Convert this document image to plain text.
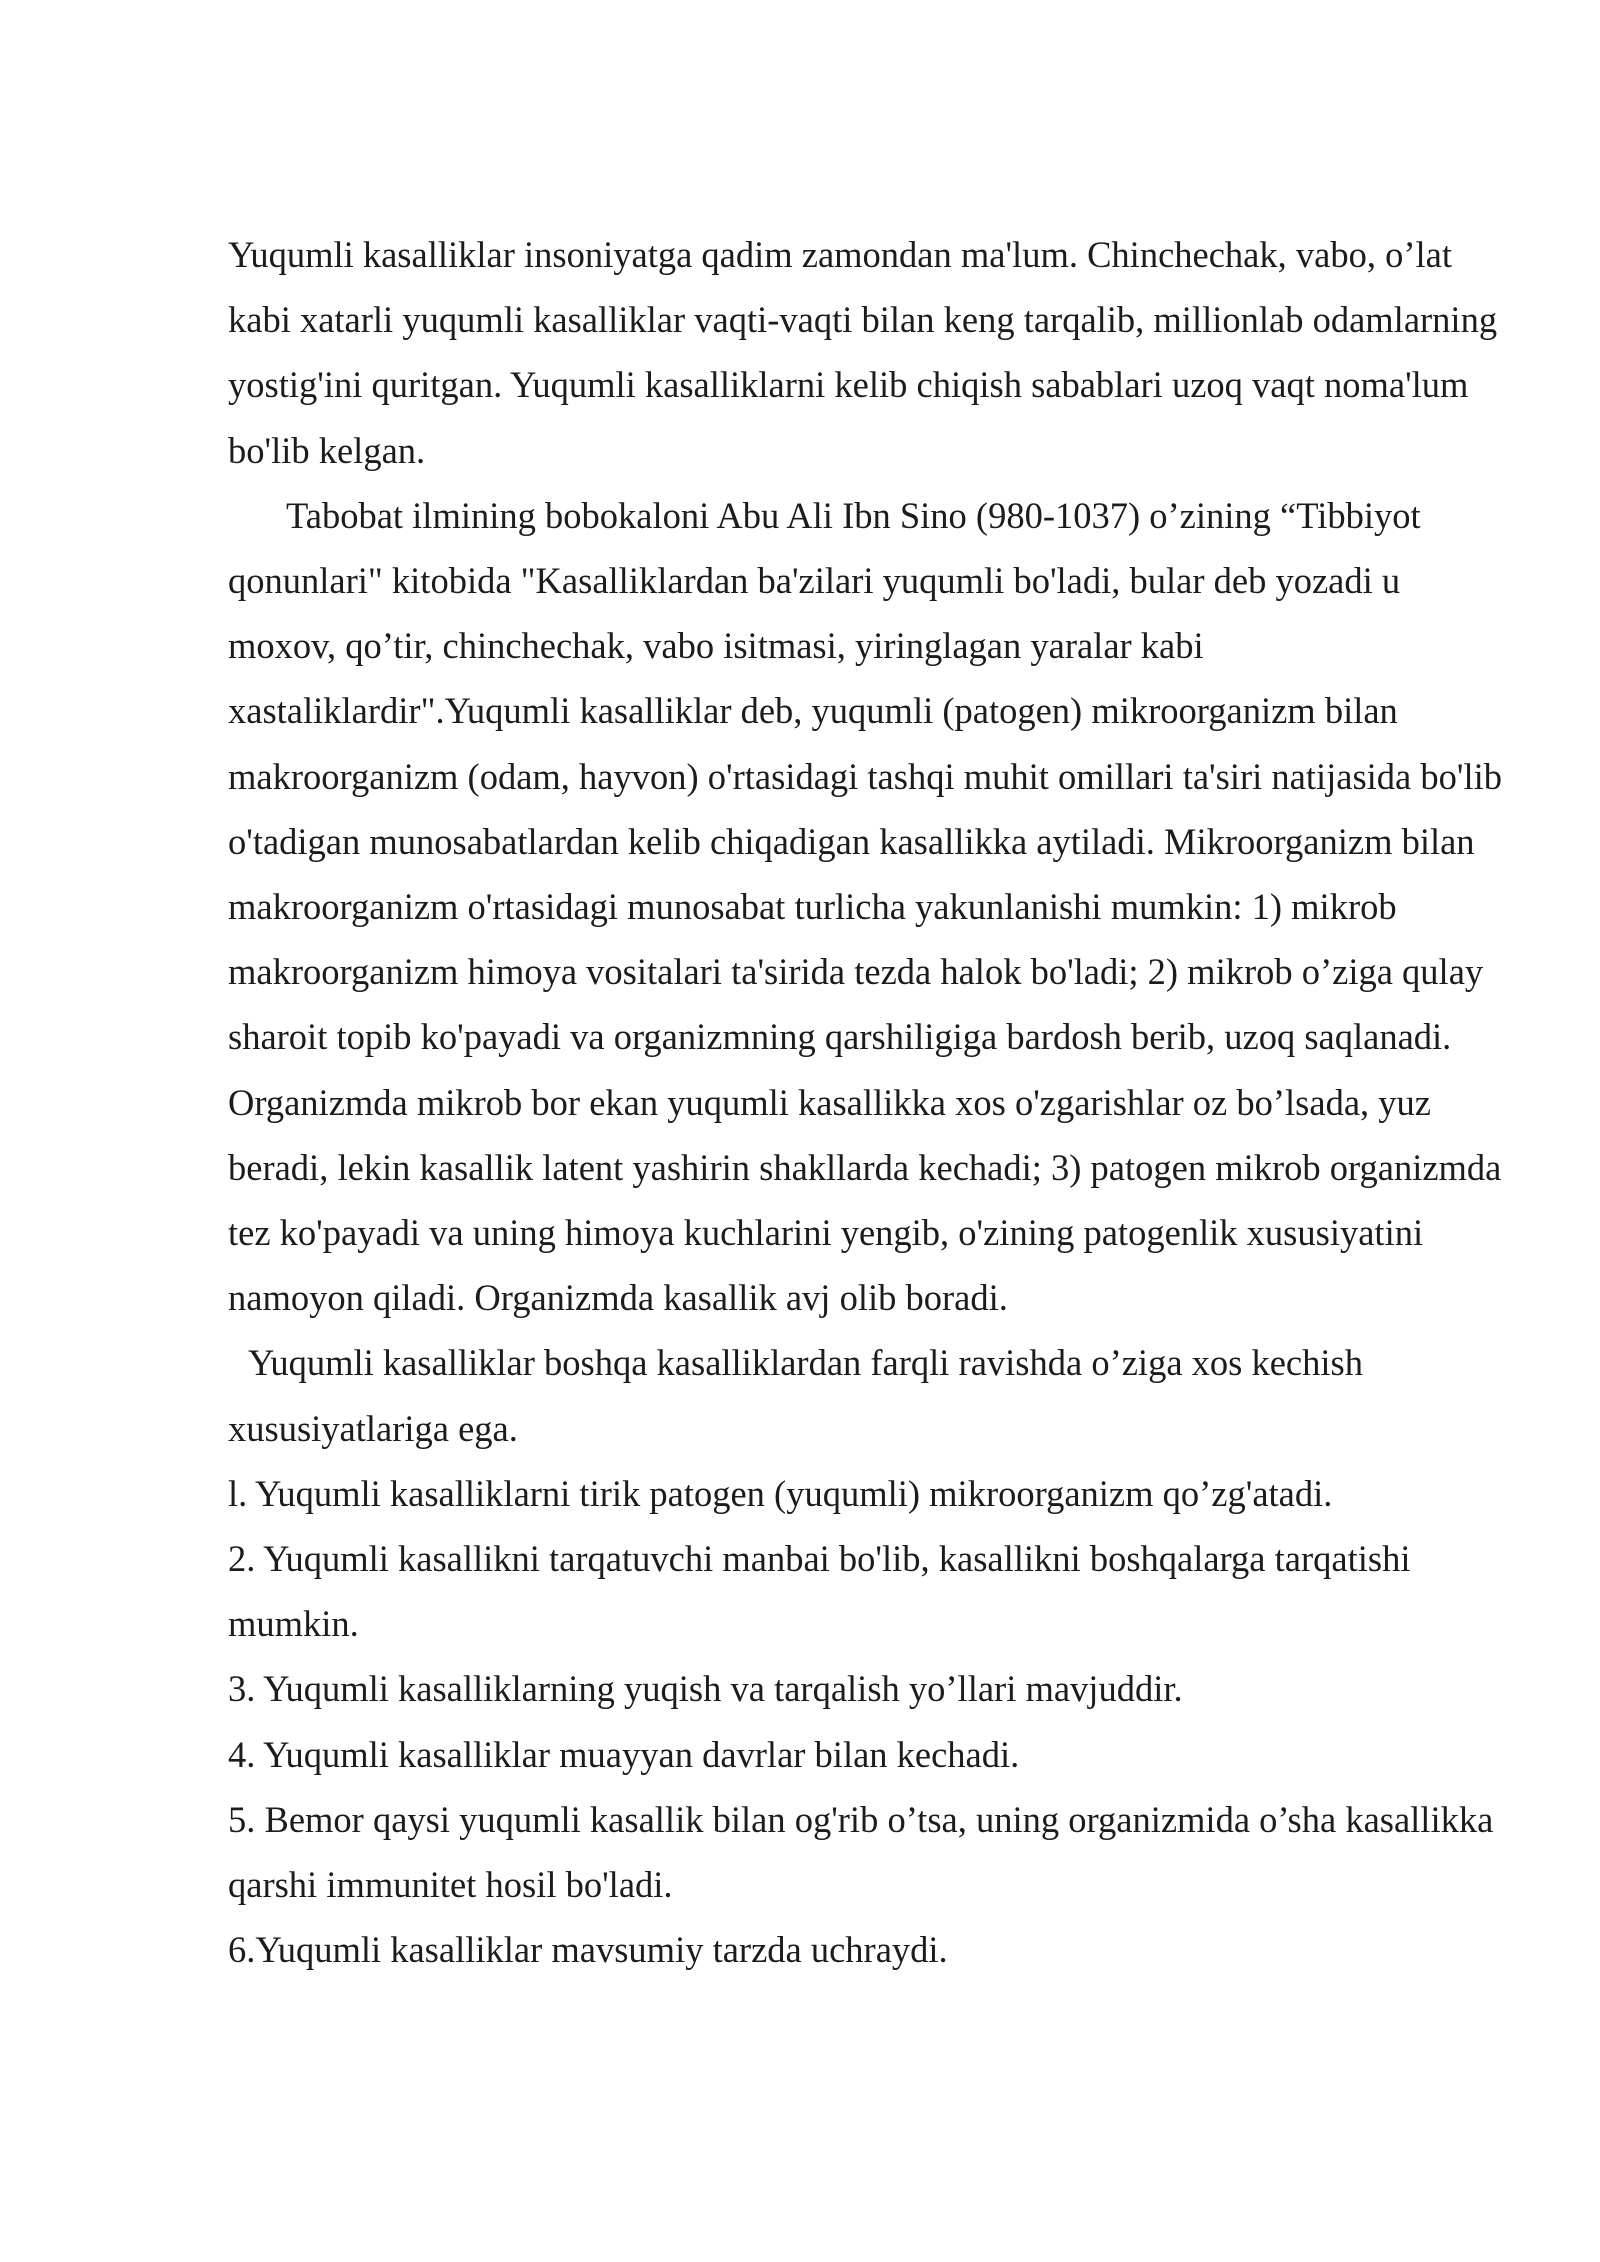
Yuqumli kasalliklar insoniyatga qadim zamondan ma'lum. Chinchechak, vabo, o’lat kabi xatarli yuqumli kasalliklar vaqti-vaqti bilan keng tarqalib, millionlab odamlarning yostig'ini quritgan. Yuqumli kasalliklarni kelib chiqish sabablari uzoq vaqt noma'lum bo'lib kelgan.

Tabobat ilmining bobokaloni Abu Ali Ibn Sino (980-1037) o’zining “Tibbiyot qonunlari" kitobida "Kasalliklardan ba'zilari yuqumli bo'ladi, bular deb yozadi u moxov, qo’tir, chinchechak, vabo isitmasi, yiringlagan yaralar kabi xastaliklardir".Yuqumli kasalliklar deb, yuqumli (patogen) mikroorganizm bilan makroorganizm (odam, hayvon) o'rtasidagi tashqi muhit omillari ta'siri natijasida bo'lib o'tadigan munosabatlardan kelib chiqadigan kasallikka aytiladi. Mikroorganizm bilan makroorganizm o'rtasidagi munosabat turlicha yakunlanishi mumkin: 1) mikrob makroorganizm himoya vositalari ta'sirida tezda halok bo'ladi; 2) mikrob o’ziga qulay sharoit topib ko'payadi va organizmning qarshiligiga bardosh berib, uzoq saqlanadi. Organizmda mikrob bor ekan yuqumli kasallikka xos o'zgarishlar oz bo’lsada, yuz beradi, lekin kasallik latent yashirin shakllarda kechadi; 3) patogen mikrob organizmda tez ko'payadi va uning himoya kuchlarini yengib, o'zining patogenlik xususiyatini namoyon qiladi. Organizmda kasallik avj olib boradi.

Yuqumli kasalliklar boshqa kasalliklardan farqli ravishda o’ziga xos kechish xususiyatlariga ega.

l. Yuqumli kasalliklarni tirik patogen (yuqumli) mikroorganizm qo’zg'atadi.

2. Yuqumli kasallikni tarqatuvchi manbai bo'lib, kasallikni boshqalarga tarqatishi mumkin.

3. Yuqumli kasalliklarning yuqish va tarqalish yo’llari mavjuddir.

4. Yuqumli kasalliklar muayyan davrlar bilan kechadi.

5. Bemor qaysi yuqumli kasallik bilan og'rib o’tsa, uning organizmida o’sha kasallikka qarshi immunitet hosil bo'ladi.

6.Yuqumli kasalliklar mavsumiy tarzda uchraydi.
